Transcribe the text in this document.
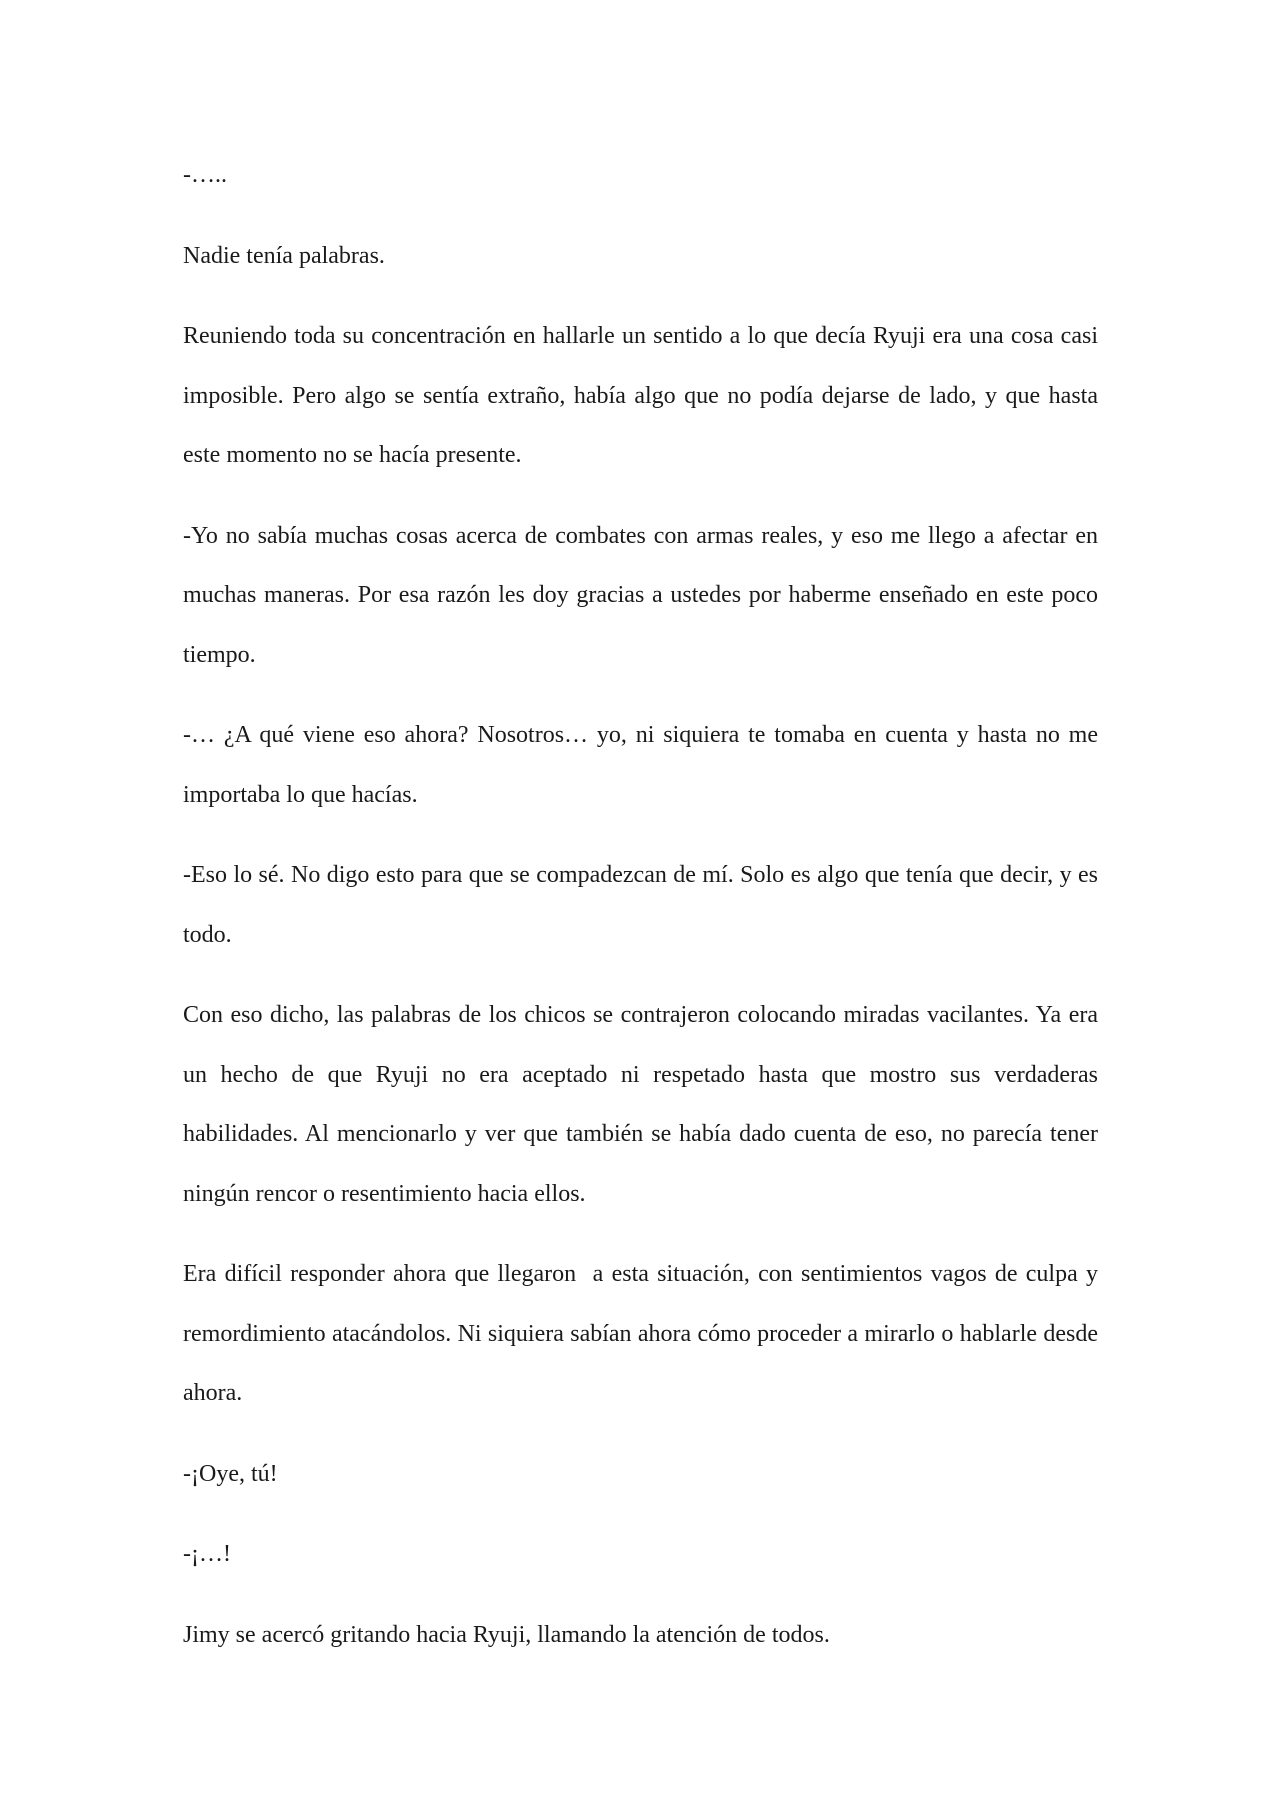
-…..

Nadie tenía palabras.

Reuniendo toda su concentración en hallarle un sentido a lo que decía Ryuji era una cosa casi imposible. Pero algo se sentía extraño, había algo que no podía dejarse de lado, y que hasta este momento no se hacía presente.

-Yo no sabía muchas cosas acerca de combates con armas reales, y eso me llego a afectar en muchas maneras. Por esa razón les doy gracias a ustedes por haberme enseñado en este poco tiempo.

-… ¿A qué viene eso ahora? Nosotros… yo, ni siquiera te tomaba en cuenta y hasta no me importaba lo que hacías.

-Eso lo sé. No digo esto para que se compadezcan de mí. Solo es algo que tenía que decir, y es todo.

Con eso dicho, las palabras de los chicos se contrajeron colocando miradas vacilantes. Ya era un hecho de que Ryuji no era aceptado ni respetado hasta que mostro sus verdaderas habilidades. Al mencionarlo y ver que también se había dado cuenta de eso, no parecía tener ningún rencor o resentimiento hacia ellos.

Era difícil responder ahora que llegaron  a esta situación, con sentimientos vagos de culpa y remordimiento atacándolos. Ni siquiera sabían ahora cómo proceder a mirarlo o hablarle desde ahora.

-¡Oye, tú!

-¡…!

Jimy se acercó gritando hacia Ryuji, llamando la atención de todos.
